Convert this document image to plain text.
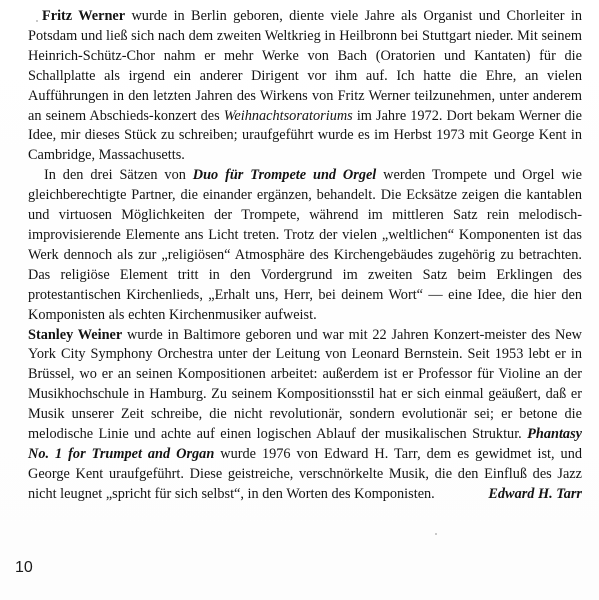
Fritz Werner wurde in Berlin geboren, diente viele Jahre als Organist und Chorleiter in Potsdam und ließ sich nach dem zweiten Weltkrieg in Heilbronn bei Stuttgart nieder. Mit seinem Heinrich-Schütz-Chor nahm er mehr Werke von Bach (Oratorien und Kantaten) für die Schallplatte als irgend ein anderer Dirigent vor ihm auf. Ich hatte die Ehre, an vielen Aufführungen in den letzten Jahren des Wirkens von Fritz Werner teilzunehmen, unter anderem an seinem Abschieds-konzert des Weihnachtsoratoriums im Jahre 1972. Dort bekam Werner die Idee, mir dieses Stück zu schreiben; uraufgeführt wurde es im Herbst 1973 mit George Kent in Cambridge, Massachusetts.

In den drei Sätzen von Duo für Trompete und Orgel werden Trompete und Orgel wie gleichberechtigte Partner, die einander ergänzen, behandelt. Die Ecksätze zeigen die kantablen und virtuosen Möglichkeiten der Trompete, während im mittleren Satz rein melodisch-improvisierende Elemente ans Licht treten. Trotz der vielen „weltlichen“ Komponenten ist das Werk dennoch als zur „religiösen“ Atmosphäre des Kirchengebäudes zugehörig zu betrachten. Das religiöse Element tritt in den Vordergrund im zweiten Satz beim Erklingen des protestantischen Kirchenlieds, „Erhalt uns, Herr, bei deinem Wort“ — eine Idee, die hier den Komponisten als echten Kirchenmusiker aufweist.

Stanley Weiner wurde in Baltimore geboren und war mit 22 Jahren Konzert-meister des New York City Symphony Orchestra unter der Leitung von Leonard Bernstein. Seit 1953 lebt er in Brüssel, wo er an seinen Kompositionen arbeitet: außerdem ist er Professor für Violine an der Musikhochschule in Hamburg. Zu seinem Kompositionsstil hat er sich einmal geäußert, daß er Musik unserer Zeit schreibe, die nicht revolutionär, sondern evolutionär sei; er betone die melodische Linie und achte auf einen logischen Ablauf der musikalischen Struktur. Phantasy No. 1 for Trumpet and Organ wurde 1976 von Edward H. Tarr, dem es gewidmet ist, und George Kent uraufgeführt. Diese geistreiche, verschnörkelte Musik, die den Einfluß des Jazz nicht leugnet „spricht für sich selbst“, in den Worten des Komponisten.	Edward H. Tarr
10
